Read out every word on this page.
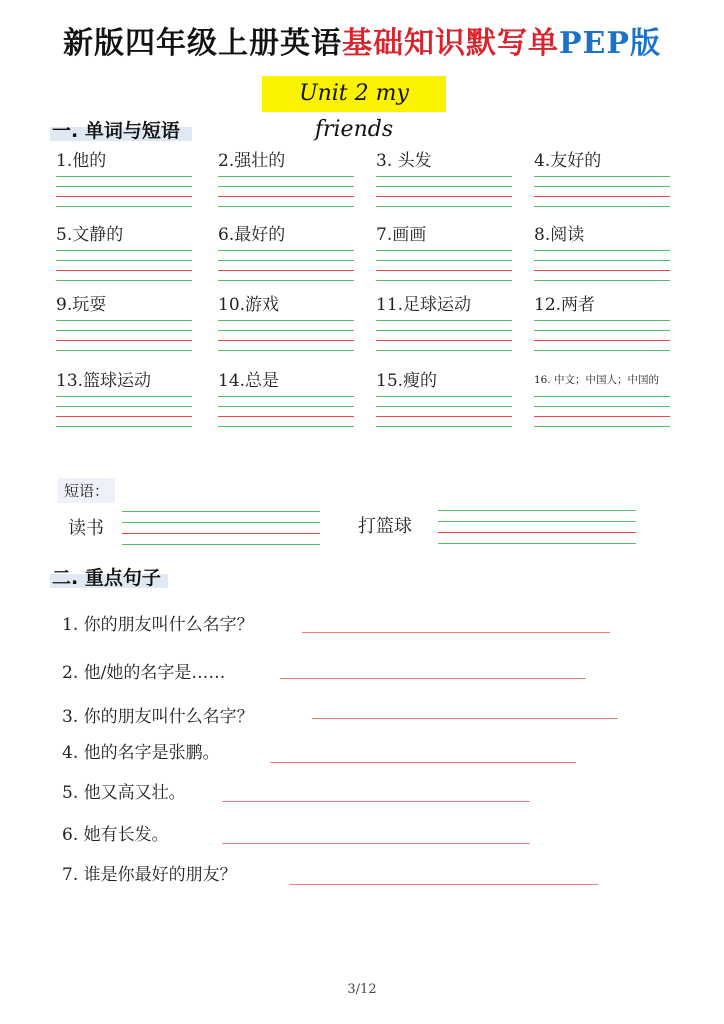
新版四年级上册英语基础知识默写单PEP版
Unit 2 my friends
一. 单词与短语
1.他的	2.强壮的	3. 头发	4.友好的
5.文静的	6.最好的	7.画画	8.阅读
9.玩耍	10.游戏	11.足球运动	12.两者
13.篮球运动	14.总是	15.瘦的	16. 中文；中国人；中国的
短语：
读书	打篮球
二. 重点句子
1. 你的朋友叫什么名字？
2. 他/她的名字是……
3. 你的朋友叫什么名字？
4. 他的名字是张鹏。
5. 他又高又壮。
6. 她有长发。
7. 谁是你最好的朋友？
3/12
